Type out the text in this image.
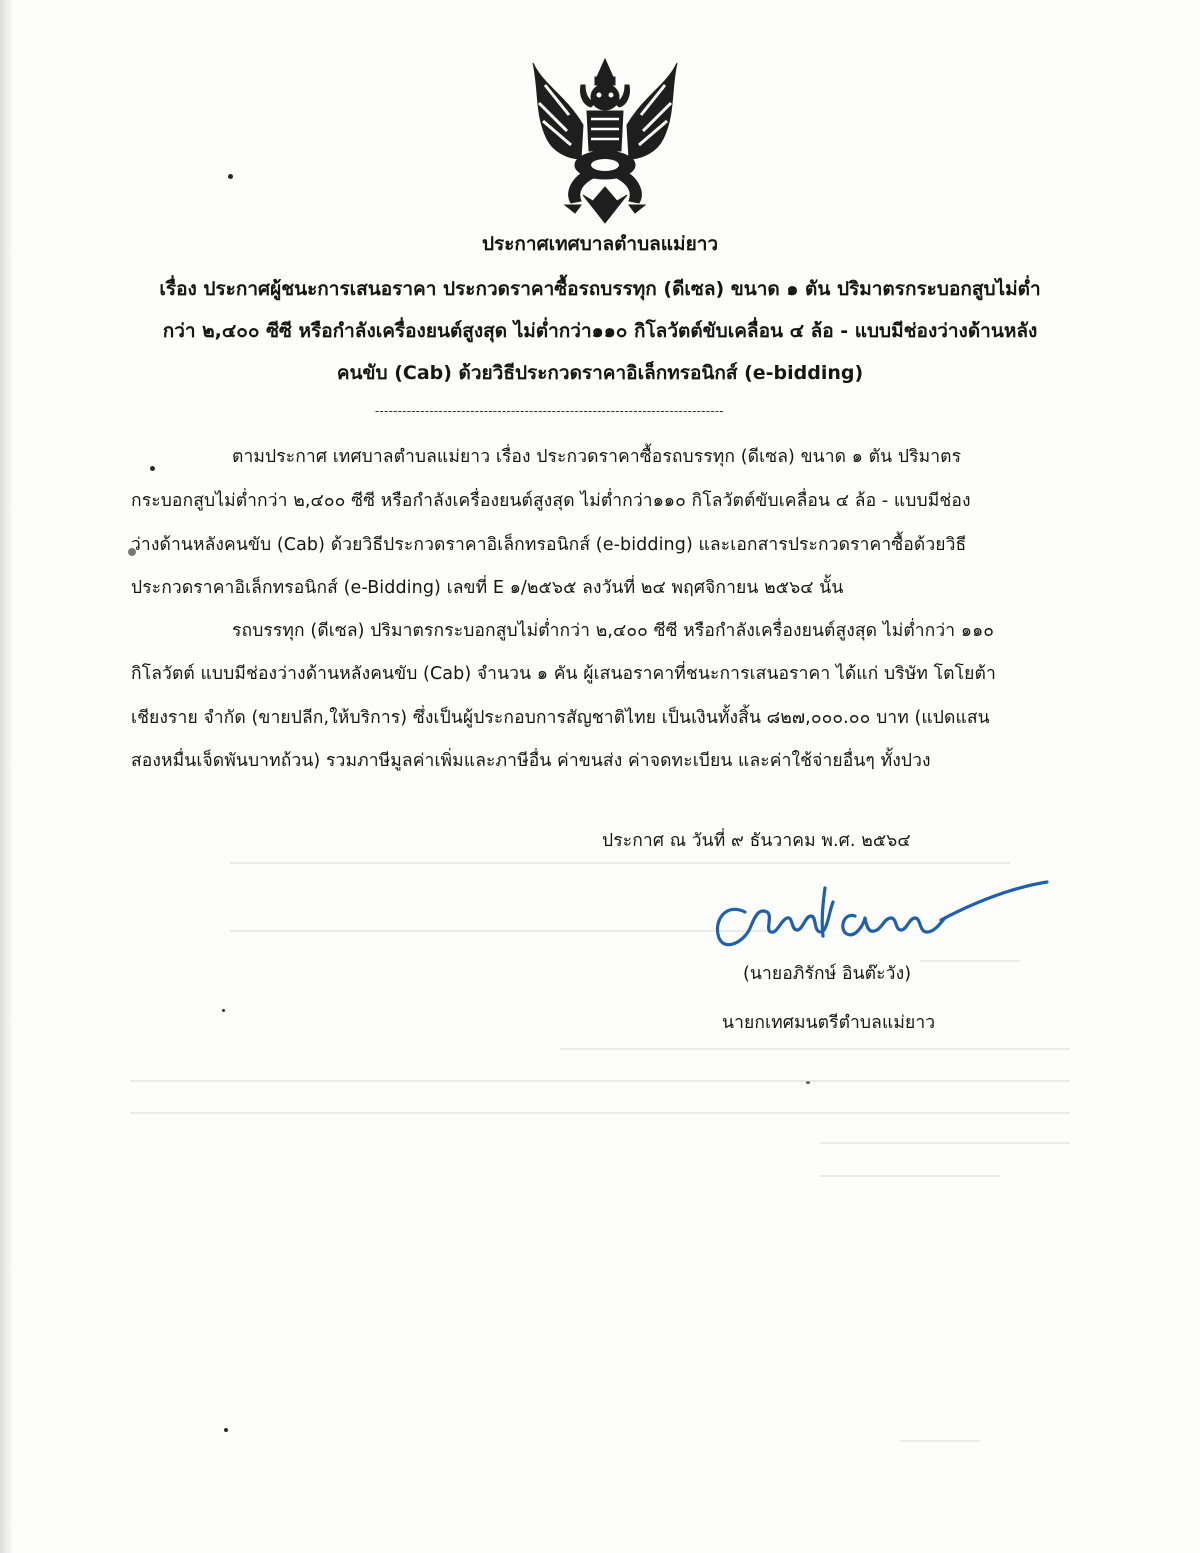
ประกาศเทศบาลตำบลแม่ยาว
เรื่อง ประกาศผู้ชนะการเสนอราคา ประกวดราคาซื้อรถบรรทุก (ดีเซล) ขนาด ๑ ตัน ปริมาตรกระบอกสูบไม่ต่ำ
กว่า ๒,๔๐๐ ซีซี หรือกำลังเครื่องยนต์สูงสุด ไม่ต่ำกว่า๑๑๐ กิโลวัตต์ขับเคลื่อน ๔ ล้อ - แบบมีช่องว่างด้านหลัง
คนขับ (Cab) ด้วยวิธีประกวดราคาอิเล็กทรอนิกส์ (e-bidding)
-----------------------------------------------------------------------------
ตามประกาศ เทศบาลตำบลแม่ยาว เรื่อง ประกวดราคาซื้อรถบรรทุก (ดีเซล) ขนาด ๑ ตัน ปริมาตร
กระบอกสูบไม่ต่ำกว่า ๒,๔๐๐ ซีซี หรือกำลังเครื่องยนต์สูงสุด ไม่ต่ำกว่า๑๑๐ กิโลวัตต์ขับเคลื่อน ๔ ล้อ - แบบมีช่อง
ว่างด้านหลังคนขับ (Cab) ด้วยวิธีประกวดราคาอิเล็กทรอนิกส์ (e-bidding) และเอกสารประกวดราคาซื้อด้วยวิธี
ประกวดราคาอิเล็กทรอนิกส์ (e-Bidding) เลขที่ E ๑/๒๕๖๕ ลงวันที่ ๒๔ พฤศจิกายน ๒๕๖๔ นั้น
รถบรรทุก (ดีเซล) ปริมาตรกระบอกสูบไม่ต่ำกว่า ๒,๔๐๐ ซีซี หรือกำลังเครื่องยนต์สูงสุด ไม่ต่ำกว่า ๑๑๐
กิโลวัตต์ แบบมีช่องว่างด้านหลังคนขับ (Cab) จำนวน ๑ คัน ผู้เสนอราคาที่ชนะการเสนอราคา ได้แก่ บริษัท โตโยต้า
เชียงราย จำกัด (ขายปลีก,ให้บริการ) ซึ่งเป็นผู้ประกอบการสัญชาติไทย เป็นเงินทั้งสิ้น ๘๒๗,๐๐๐.๐๐ บาท (แปดแสน
สองหมื่นเจ็ดพันบาทถ้วน) รวมภาษีมูลค่าเพิ่มและภาษีอื่น ค่าขนส่ง ค่าจดทะเบียน และค่าใช้จ่ายอื่นๆ ทั้งปวง
ประกาศ ณ วันที่ ๙ ธันวาคม พ.ศ. ๒๕๖๔
(นายอภิรักษ์ อินต๊ะวัง)
นายกเทศมนตรีตำบลแม่ยาว
